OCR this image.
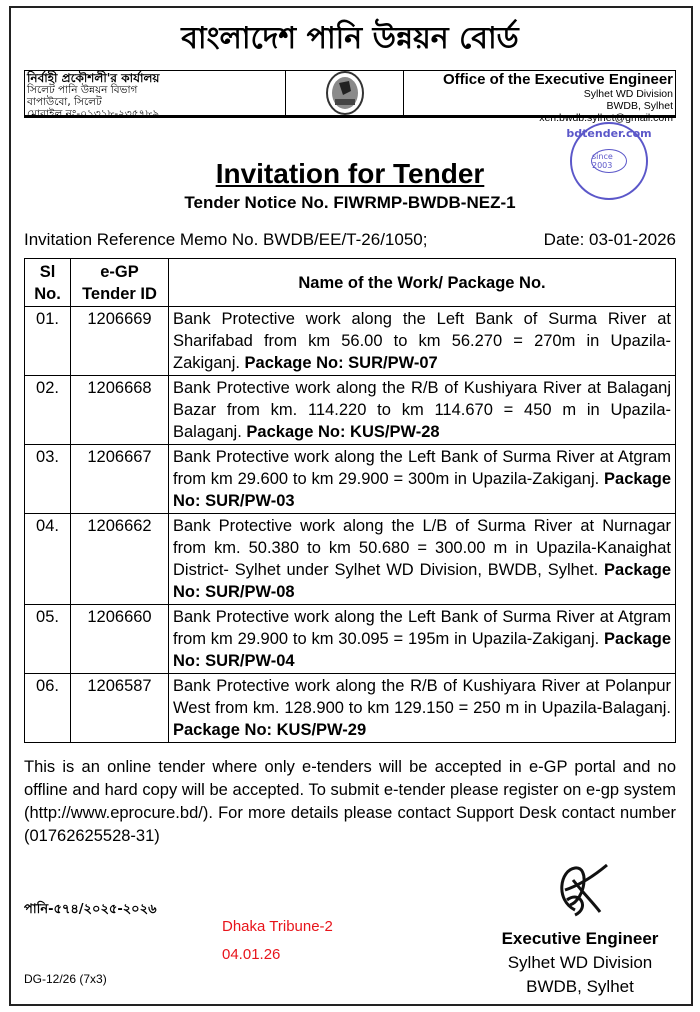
বাংলাদেশ পানি উন্নয়ন বোর্ড
নির্বাহী প্রকৌশলী'র কার্যালয়
সিলেট পানি উন্নয়ন বিভাগ
বাপাউবো, সিলেট
মোবাইল নং-০১৩১৮-২৩৫৭৮৯
Office of the Executive Engineer
Sylhet WD Division
BWDB, Sylhet
xen.bwdb.sylhet@gmail.com
Invitation for Tender
Tender Notice No. FIWRMP-BWDB-NEZ-1
bdtender.com
since 2003
Invitation Reference Memo No. BWDB/EE/T-26/1050;	Date: 03-01-2026
Sl No.	e-GP Tender ID	Name of the Work/ Package No.
01.	1206669	Bank Protective work along the Left Bank of Surma River at Sharifabad from km 56.00 to km 56.270 = 270m in Upazila-Zakiganj. Package No: SUR/PW-07
02.	1206668	Bank Protective work along the R/B of Kushiyara River at Balaganj Bazar from km. 114.220 to km 114.670 = 450 m in Upazila-Balaganj. Package No: KUS/PW-28
03.	1206667	Bank Protective work along the Left Bank of Surma River at Atgram from km 29.600 to km 29.900 = 300m in Upazila-Zakiganj. Package No: SUR/PW-03
04.	1206662	Bank Protective work along the L/B of Surma River at Nurnagar from km. 50.380 to km 50.680 = 300.00 m in Upazila-Kanaighat District- Sylhet under Sylhet WD Division, BWDB, Sylhet. Package No: SUR/PW-08
05.	1206660	Bank Protective work along the Left Bank of Surma River at Atgram from km 29.900 to km 30.095 = 195m in Upazila-Zakiganj. Package No: SUR/PW-04
06.	1206587	Bank Protective work along the R/B of Kushiyara River at Polanpur West from km. 128.900 to km 129.150 = 250 m in Upazila-Balaganj. Package No: KUS/PW-29
This is an online tender where only e-tenders will be accepted in e-GP portal and no offline and hard copy will be accepted. To submit e-tender please register on e-gp system (http://www.eprocure.bd/). For more details please contact Support Desk contact number (01762625528-31)
পানি-৫৭৪/২০২৫-২০২৬
Dhaka Tribune-2
04.01.26
DG-12/26 (7x3)
Executive Engineer
Sylhet WD Division
BWDB, Sylhet
